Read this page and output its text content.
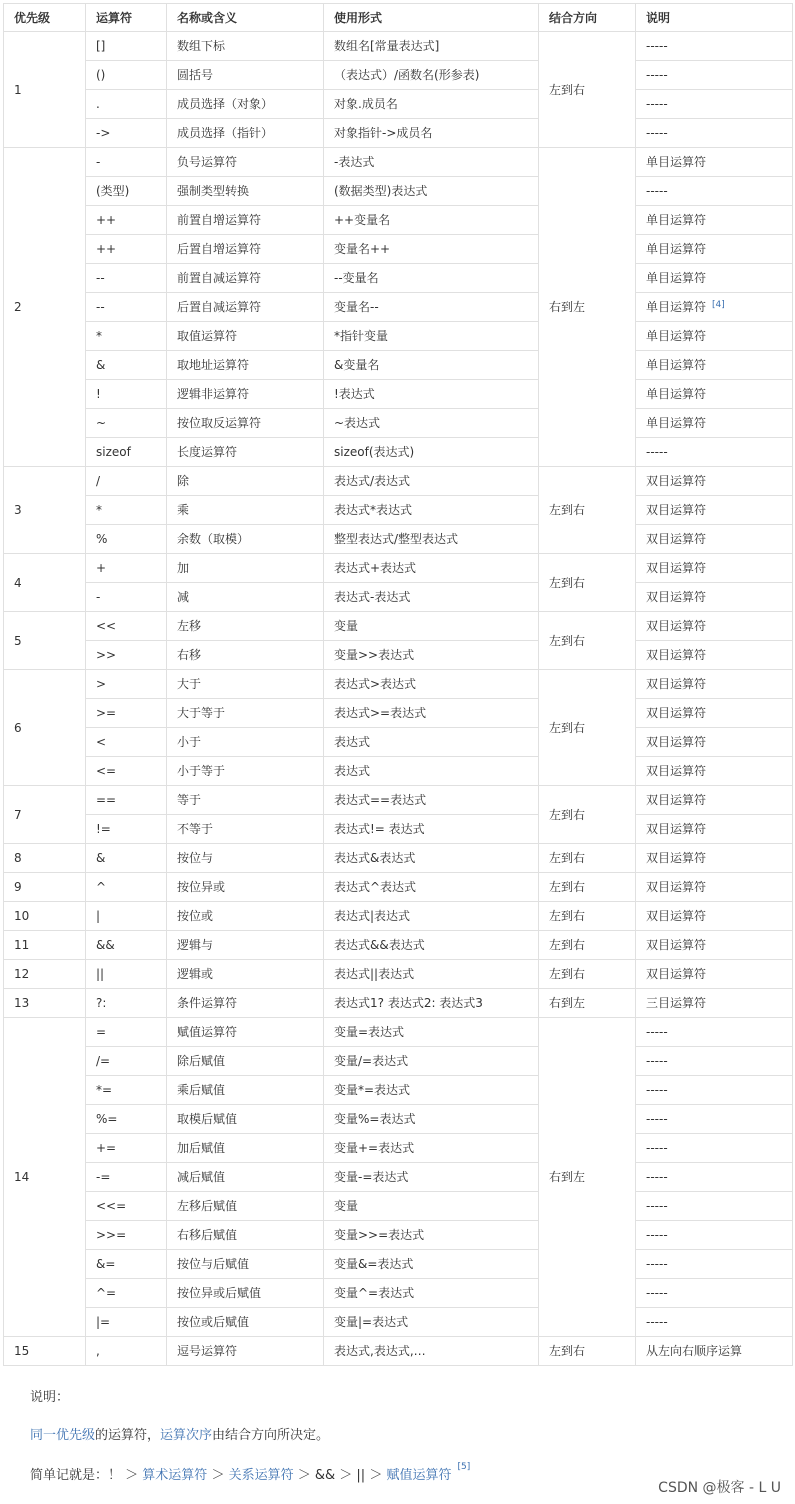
优先级	运算符	名称或含义	使用形式	结合方向	说明
1	[]	数组下标	数组名[常量表达式]	左到右	-----
	()	圆括号	（表达式）/函数名(形参表)		-----
	.	成员选择（对象）	对象.成员名		-----
	->	成员选择（指针）	对象指针->成员名		-----
2	-	负号运算符	-表达式	右到左	单目运算符
	(类型)	强制类型转换	(数据类型)表达式		-----
	++	前置自增运算符	++变量名		单目运算符
	++	后置自增运算符	变量名++		单目运算符
	--	前置自减运算符	--变量名		单目运算符
	--	后置自减运算符	变量名--		单目运算符 [4]
	*	取值运算符	*指针变量		单目运算符
	&	取地址运算符	&变量名		单目运算符
	!	逻辑非运算符	!表达式		单目运算符
	~	按位取反运算符	~表达式		单目运算符
	sizeof	长度运算符	sizeof(表达式)		-----
3	/	除	表达式/表达式	左到右	双目运算符
	*	乘	表达式*表达式		双目运算符
	%	余数（取模）	整型表达式/整型表达式		双目运算符
4	+	加	表达式+表达式	左到右	双目运算符
	-	减	表达式-表达式		双目运算符
5	<<	左移	变量	左到右	双目运算符
	>>	右移	变量>>表达式		双目运算符
6	>	大于	表达式>表达式	左到右	双目运算符
	>=	大于等于	表达式>=表达式		双目运算符
	<	小于	表达式		双目运算符
	<=	小于等于	表达式		双目运算符
7	==	等于	表达式==表达式	左到右	双目运算符
	!=	不等于	表达式!= 表达式		双目运算符
8	&	按位与	表达式&表达式	左到右	双目运算符
9	^	按位异或	表达式^表达式	左到右	双目运算符
10	|	按位或	表达式|表达式	左到右	双目运算符
11	&&	逻辑与	表达式&&表达式	左到右	双目运算符
12	||	逻辑或	表达式||表达式	左到右	双目运算符
13	?:	条件运算符	表达式1? 表达式2: 表达式3	右到左	三目运算符
14	=	赋值运算符	变量=表达式	右到左	-----
	/=	除后赋值	变量/=表达式		-----
	*=	乘后赋值	变量*=表达式		-----
	%=	取模后赋值	变量%=表达式		-----
	+=	加后赋值	变量+=表达式		-----
	-=	减后赋值	变量-=表达式		-----
	<<=	左移后赋值	变量		-----
	>>=	右移后赋值	变量>>=表达式		-----
	&=	按位与后赋值	变量&=表达式		-----
	^=	按位异或后赋值	变量^=表达式		-----
	|=	按位或后赋值	变量|=表达式		-----
15	,	逗号运算符	表达式,表达式,…	左到右	从左向右顺序运算

说明：

同一优先级的运算符，运算次序由结合方向所决定。

简单记就是：！ ＞ 算术运算符 ＞ 关系运算符 ＞ && ＞ || ＞ 赋值运算符[5]

CSDN @极客 - L U
